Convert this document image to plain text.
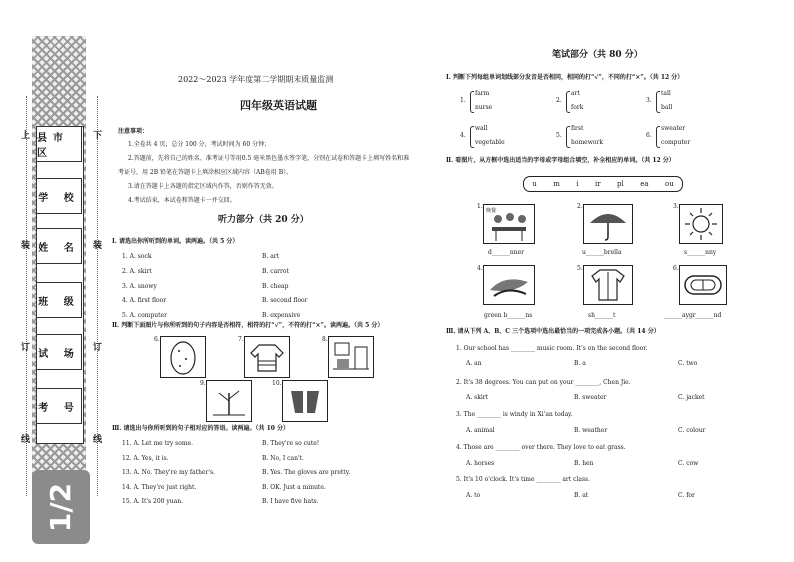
县市区
学 校
姓 名
班 级
试 场
考 号
上	下
装	装
订	订
线	线
1/2
2022～2023 学年度第二学期期末质量监测
四年级英语试题
注意事项：
1.全卷共 4 页，总分 100 分，考试时间为 60 分钟；
2.答题前，先将自己的姓名、准考证号等用0.5 毫米黑色墨水签字笔，分别在试卷和答题卡上填写姓名和准
考证号，用 2B 铅笔在答题卡上填涂相应区域内容（AB卷用 B）。
3.请在答题卡上各题的指定区域内作答，否则作答无效。
4.考试结束，本试卷和答题卡一并交回。
听力部分（共 20 分）
Ⅰ. 请选出你所听到的单词。读两遍。（共 5 分）
1. A. sock	B. art
2. A. skirt	B. carrot
3. A. snowy	B. cheap
4. A. first floor	B. second floor
5. A. computer	B. expensive
Ⅱ. 判断下面图片与你所听到的句子内容是否相符，相符的打“√”，不符的打“×”。读两遍。（共 5 分）
6.	7.	8.
9.	10.
Ⅲ. 请选出与你所听到的句子相对应的答语。读两遍。（共 10 分）
11. A. Let me try some.	B. They're so cute!
12. A. Yes, it is.	B. No, I can't.
13. A. No. They're my father's.	B. Yes. The gloves are pretty.
14. A. They're just right.	B. OK. Just a minute.
15. A. It's 200 yuan.	B. I have five hats.
笔试部分（共 80 分）
Ⅰ. 判断下列每组单词划线部分发音是否相同，相同的打“√”，不同的打“×”。（共 12 分）
1.
farm
nurse
2.
art
fork
3.
tall
ball
4.
wall
vegetable
5.
first
homework
6.
sweater
computer
Ⅱ. 看图片，从方框中选出适当的字母或字母组合填空，补全相应的单词。（共 12 分）
u m i ir pl ea ou
1.
晚餐
d______nner
2.
u______brella
3.
s______nny
4.
green b______ns
5.
sh______t
6.
______aygr______nd
Ⅲ. 请从下列 A、B、C 三个选项中选出最恰当的一项完成各小题。（共 14 分）
1. Our school has ________ music room. It's on the second floor.
A. an	B. a	C. two
2. It's 38 degrees. You can put on your ________, Chen Jie.
A. skirt	B. sweater	C. jacket
3. The ________ is windy in Xi'an today.
A. animal	B. weather	C. colour
4. Those are ________ over there. They love to eat grass.
A. horses	B. hen	C. cow
5. It's 10 o'clock. It's time ________ art class.
A. to	B. at	C. for
